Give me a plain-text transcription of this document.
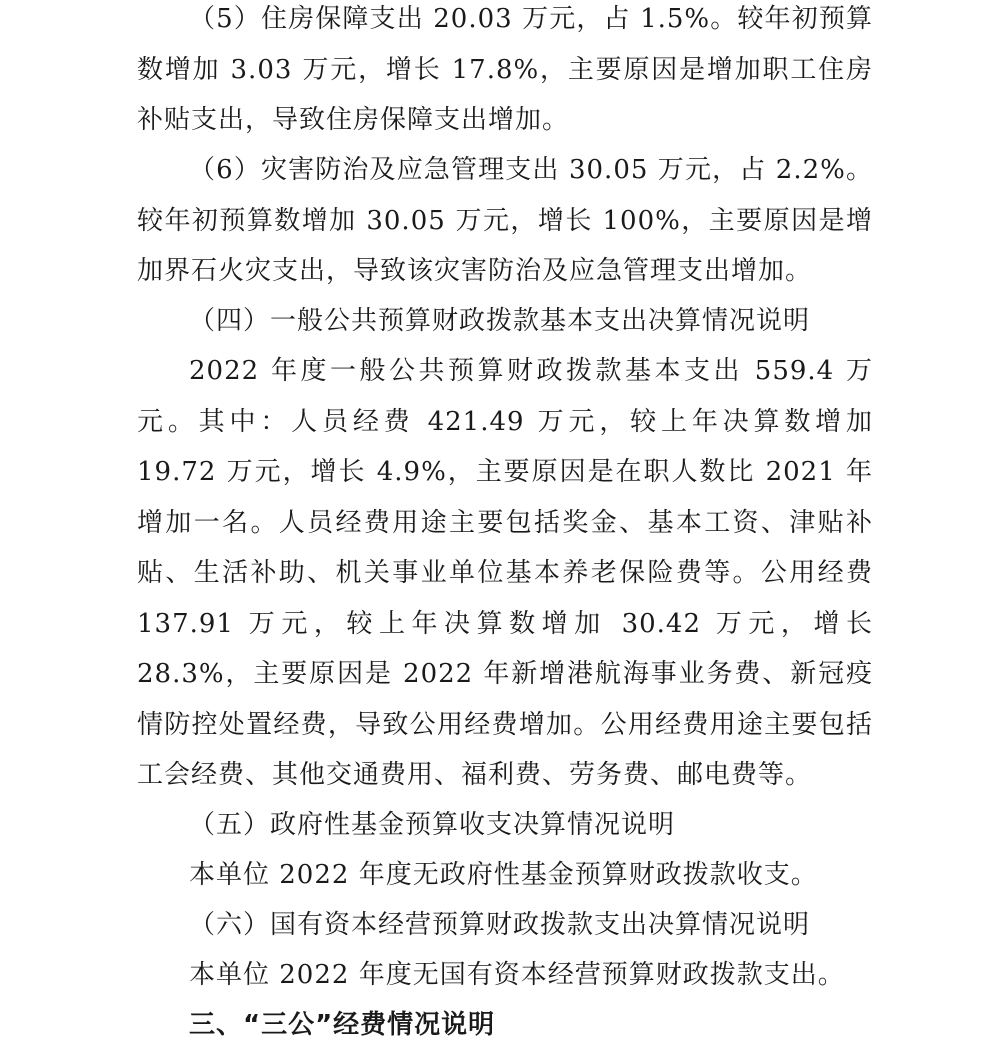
（5）住房保障支出 20.03 万元，占 1.5%。较年初预算数增加 3.03 万元，增长 17.8%，主要原因是增加职工住房补贴支出，导致住房保障支出增加。

（6）灾害防治及应急管理支出 30.05 万元，占 2.2%。较年初预算数增加 30.05 万元，增长 100%，主要原因是增加界石火灾支出，导致该灾害防治及应急管理支出增加。

（四）一般公共预算财政拨款基本支出决算情况说明

2022 年度一般公共预算财政拨款基本支出 559.4 万元。其中：人员经费 421.49 万元，较上年决算数增加 19.72 万元，增长 4.9%，主要原因是在职人数比 2021 年增加一名。人员经费用途主要包括奖金、基本工资、津贴补贴、生活补助、机关事业单位基本养老保险费等。公用经费 137.91 万元，较上年决算数增加 30.42 万元，增长 28.3%，主要原因是 2022 年新增港航海事业务费、新冠疫情防控处置经费，导致公用经费增加。公用经费用途主要包括工会经费、其他交通费用、福利费、劳务费、邮电费等。

（五）政府性基金预算收支决算情况说明

本单位 2022 年度无政府性基金预算财政拨款收支。

（六）国有资本经营预算财政拨款支出决算情况说明

本单位 2022 年度无国有资本经营预算财政拨款支出。

三、“三公”经费情况说明
